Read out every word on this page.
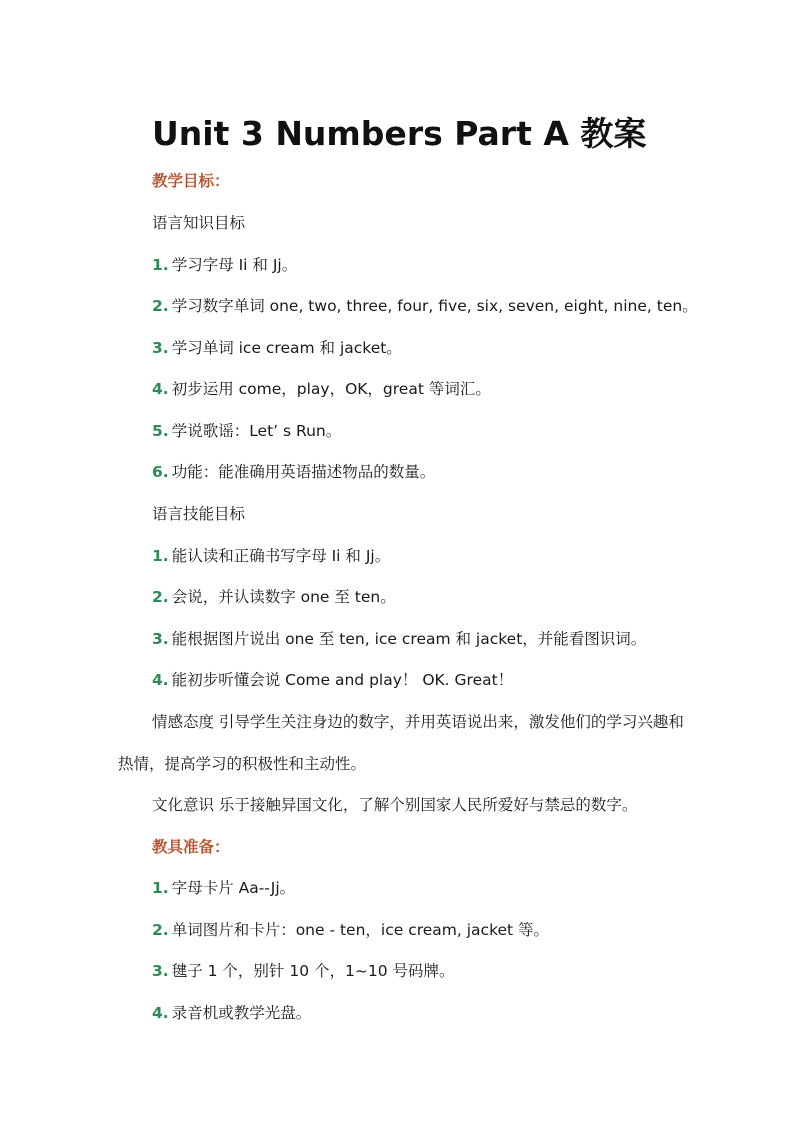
Unit 3 Numbers Part A 教案
教学目标：
语言知识目标
1. 学习字母 Ii 和 Jj。
2. 学习数字单词 one, two, three, four, five, six, seven, eight, nine, ten。
3. 学习单词 ice cream 和 jacket。
4. 初步运用 come，play，OK，great 等词汇。
5. 学说歌谣：Let’ s Run。
6. 功能：能准确用英语描述物品的数量。
语言技能目标
1. 能认读和正确书写字母 Ii 和 Jj。
2. 会说，并认读数字 one 至 ten。
3. 能根据图片说出 one 至 ten, ice cream 和 jacket，并能看图识词。
4. 能初步听懂会说 Come and play！ OK. Great！
情感态度 引导学生关注身边的数字，并用英语说出来，激发他们的学习兴趣和热情，提高学习的积极性和主动性。
文化意识 乐于接触异国文化，了解个别国家人民所爱好与禁忌的数字。
教具准备：
1. 字母卡片 Aa--Jj。
2. 单词图片和卡片：one - ten，ice cream, jacket 等。
3. 毽子 1 个，别针 10 个，1~10 号码牌。
4. 录音机或教学光盘。
